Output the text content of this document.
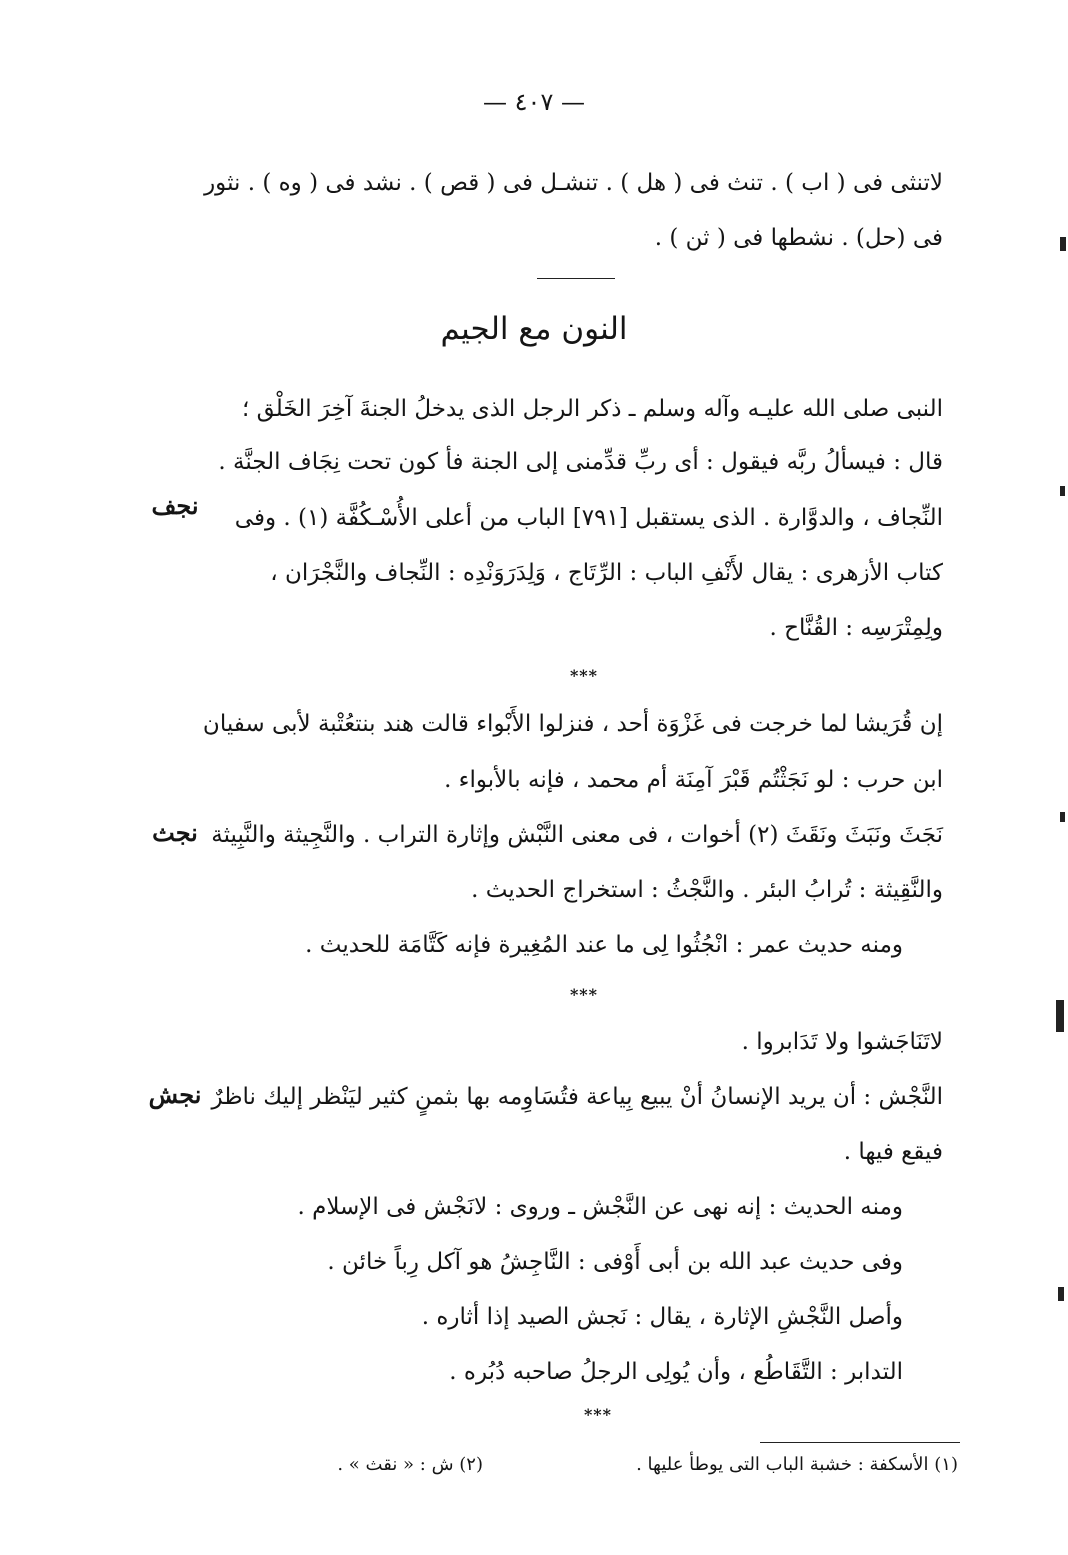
— ٤٠٧ —

لاتنثى فى ( اب ) . تنث فى ( هل ) . تنشـل فى ( قص ) . نشد فى ( وه ) . نثور

فى (حل) . نشطها فى ( ثن ) .

النون مع الجيم

النبى صلى الله عليـه وآله وسلم ـ ذكر الرجل الذى يدخلُ الجنةَ آخِرَ الخَلْق ؛

قال : فيسألُ ربَّه فيقول : أى ربِّ قدِّمنى إلى الجنة فأ كون تحت نِجَاف الجنَّة .

النِّجاف ، والدوَّارة . الذى يستقبل [٧٩١] الباب من أعلى الأُسْـكُفَّة (١) . وفى

نجف

كتاب الأزهرى : يقال لأَنْفِ الباب : الرِّتَاج ، وَلِدَرَوَنْدِه : النِّجاف والنَّجْرَان ،

ولِمِتْرَسِه : القُنَّاح .

***

إن قُرَيشا لما خرجت فى غَزْوَة أحد ، فنزلوا الأَبْواء قالت هند بنتعُتْبة لأبى سفيان

ابن حرب : لو نَجَثْتُم قَبْرَ آمِنَة أم محمد ، فإنه بالأبواء .

نَجَثَ ونَبَثَ ونَقَثَ (٢) أخوات ، فى معنى النَّبْش وإثارة التراب . والنَّجِيثة والنَّبِيثة

نجث

والنَّقِيثة : تُرابُ البئر . والنَّجْثُ : استخراج الحديث .

ومنه حديث عمر : انْجُثُوا لِى ما عند المُغِيرة فإنه كَتَّامَة للحديث .

***

لاتَنَاجَشوا ولا تَدَابروا .

النَّجْش : أن يريد الإنسانُ أنْ يبيع بِياعة فتُسَاوِمه بها بثمنٍ كثير ليَنْظر إليك ناظرٌ

نجش

فيقع فيها .

ومنه الحديث : إنه نهى عن النَّجْش ـ وروى : لانَجْش فى الإسلام .

وفى حديث عبد الله بن أبى أَوْفى : النَّاجِشُ هو آكل رِباً خائن .

وأصل النَّجْشِ الإثارة ، يقال : نَجش الصيد إذا أثاره .

التدابر : التَّقَاطُع ، وأن يُولِى الرجلُ صاحبه دُبُره .

***
(١) الأسكفة : خشبة الباب التى يوطأ عليها .
(٢) ش : « نقث » .
